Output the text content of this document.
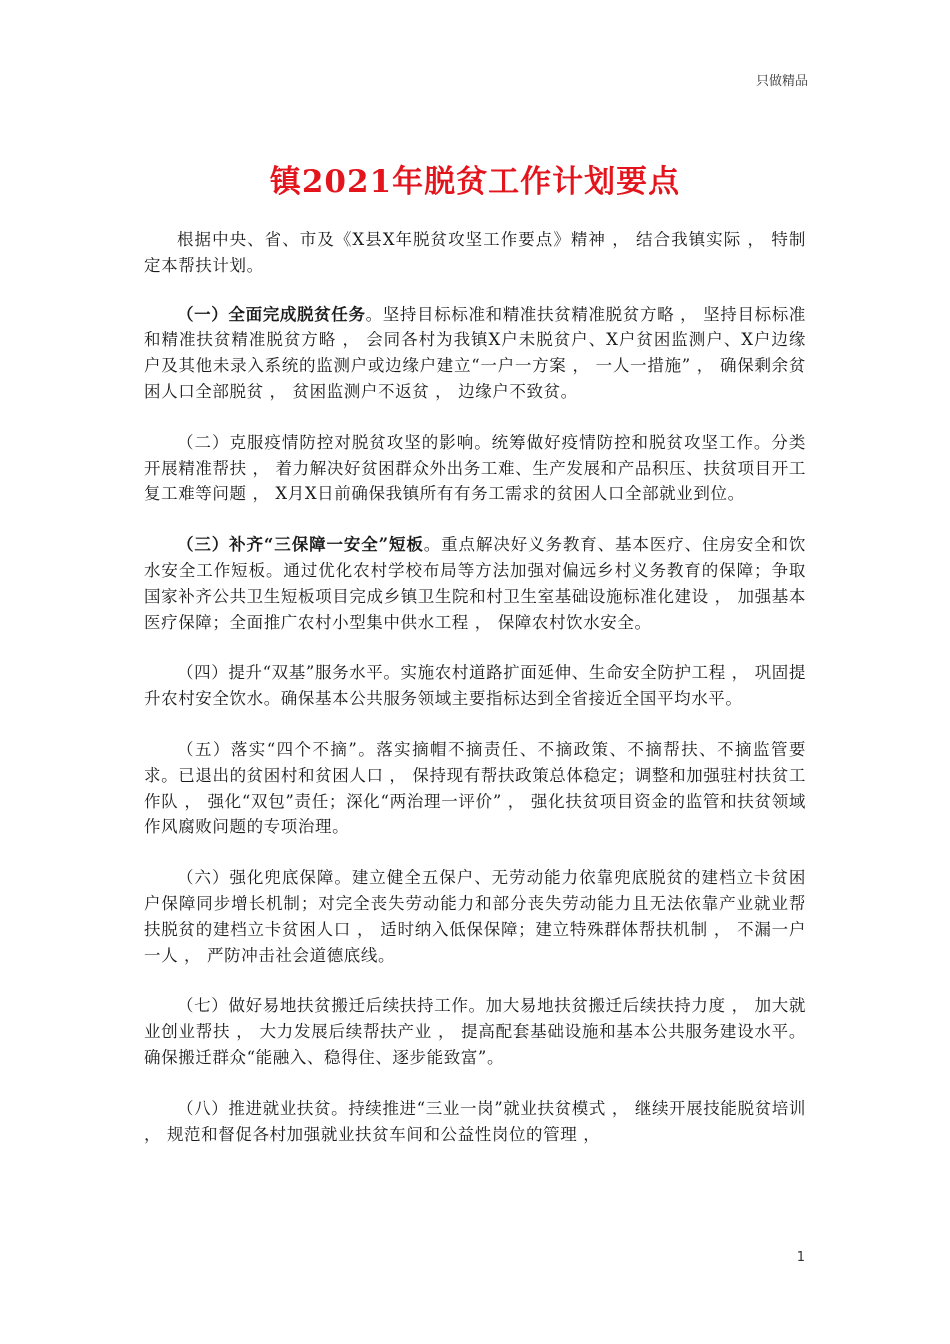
只做精品
镇2021年脱贫工作计划要点

根据中央、省、市及《X县X年脱贫攻坚工作要点》精神 ， 结合我镇实际 ， 特制定本帮扶计划。

（一）全面完成脱贫任务。坚持目标标准和精准扶贫精准脱贫方略 ， 坚持目标标准和精准扶贫精准脱贫方略 ， 会同各村为我镇X户未脱贫户、X户贫困监测户、X户边缘户及其他未录入系统的监测户或边缘户建立“一户一方案 ， 一人一措施” ， 确保剩余贫困人口全部脱贫 ， 贫困监测户不返贫 ， 边缘户不致贫。

（二）克服疫情防控对脱贫攻坚的影响。统筹做好疫情防控和脱贫攻坚工作。分类开展精准帮扶 ， 着力解决好贫困群众外出务工难、生产发展和产品积压、扶贫项目开工复工难等问题 ， X月X日前确保我镇所有有务工需求的贫困人口全部就业到位。

（三）补齐“三保障一安全”短板。重点解决好义务教育、基本医疗、住房安全和饮水安全工作短板。通过优化农村学校布局等方法加强对偏远乡村义务教育的保障；争取国家补齐公共卫生短板项目完成乡镇卫生院和村卫生室基础设施标准化建设 ， 加强基本医疗保障；全面推广农村小型集中供水工程 ， 保障农村饮水安全。

（四）提升“双基”服务水平。实施农村道路扩面延伸、生命安全防护工程 ， 巩固提升农村安全饮水。确保基本公共服务领域主要指标达到全省接近全国平均水平。

（五）落实“四个不摘”。落实摘帽不摘责任、不摘政策、不摘帮扶、不摘监管要求。已退出的贫困村和贫困人口 ， 保持现有帮扶政策总体稳定；调整和加强驻村扶贫工作队 ， 强化“双包”责任；深化“两治理一评价” ， 强化扶贫项目资金的监管和扶贫领域作风腐败问题的专项治理。

（六）强化兜底保障。建立健全五保户、无劳动能力依靠兜底脱贫的建档立卡贫困户保障同步增长机制；对完全丧失劳动能力和部分丧失劳动能力且无法依靠产业就业帮扶脱贫的建档立卡贫困人口 ， 适时纳入低保保障；建立特殊群体帮扶机制 ， 不漏一户一人 ， 严防冲击社会道德底线。

（七）做好易地扶贫搬迁后续扶持工作。加大易地扶贫搬迁后续扶持力度 ， 加大就业创业帮扶 ， 大力发展后续帮扶产业 ， 提高配套基础设施和基本公共服务建设水平。确保搬迁群众“能融入、稳得住、逐步能致富”。

（八）推进就业扶贫。持续推进“三业一岗”就业扶贫模式 ， 继续开展技能脱贫培训 ， 规范和督促各村加强就业扶贫车间和公益性岗位的管理 ，

1
